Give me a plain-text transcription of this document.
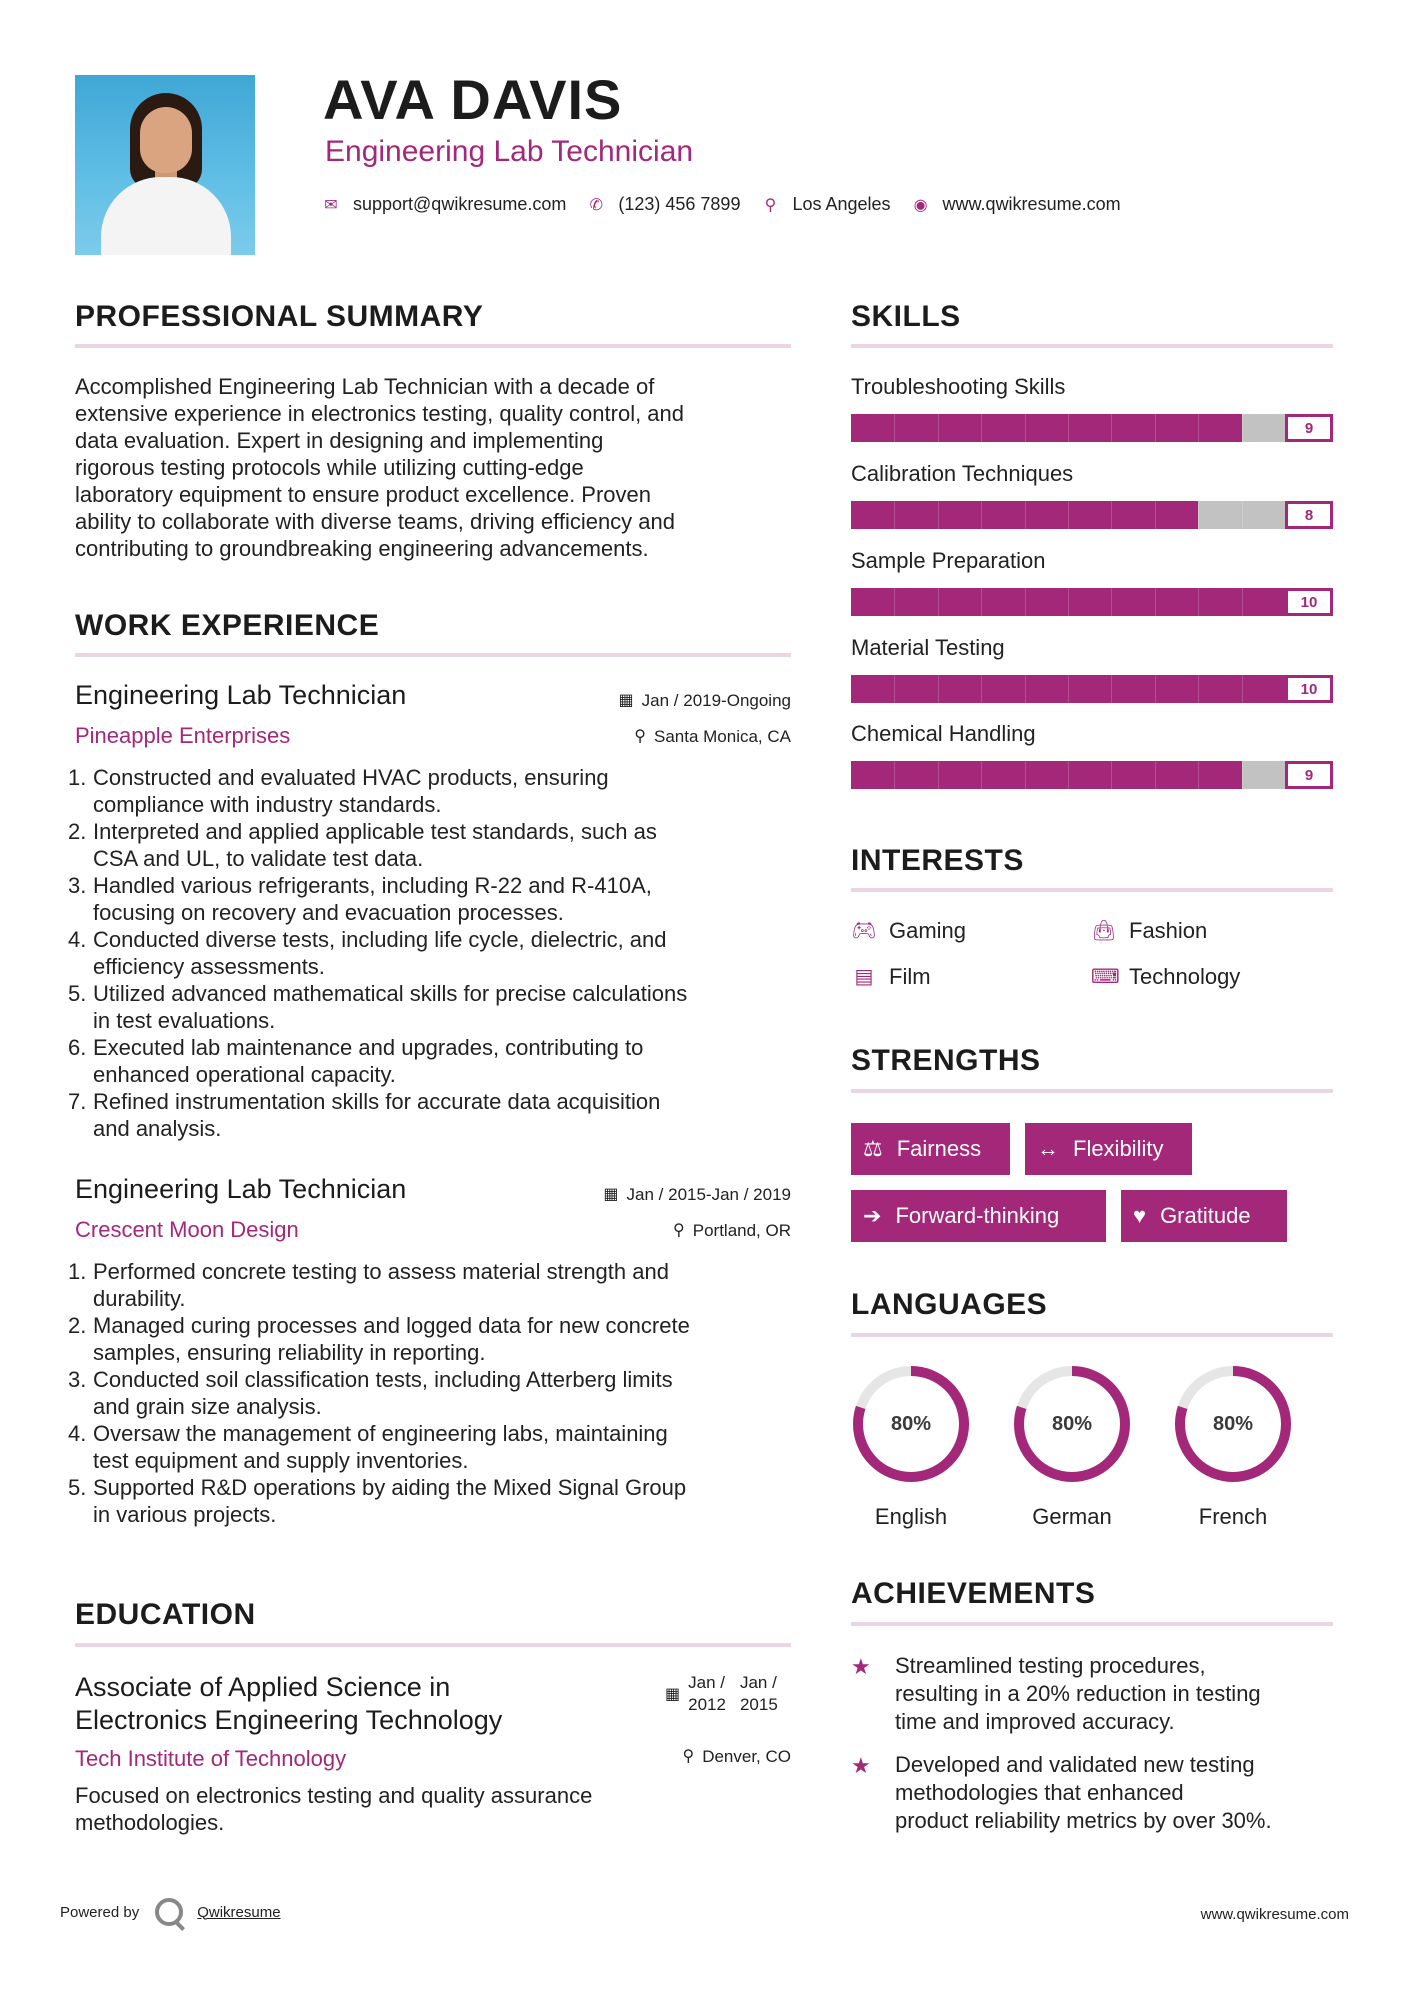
AVA DAVIS
Engineering Lab Technician
✉ support@qwikresume.com ✆ (123) 456 7899 ⚲ Los Angeles ◉ www.qwikresume.com
PROFESSIONAL SUMMARY
Accomplished Engineering Lab Technician with a decade of
extensive experience in electronics testing, quality control, and
data evaluation. Expert in designing and implementing
rigorous testing protocols while utilizing cutting-edge
laboratory equipment to ensure product excellence. Proven
ability to collaborate with diverse teams, driving efficiency and
contributing to groundbreaking engineering advancements.
WORK EXPERIENCE
Engineering Lab Technician	▦ Jan / 2019-Ongoing
Pineapple Enterprises	⚲ Santa Monica, CA
Constructed and evaluated HVAC products, ensuring
compliance with industry standards.
Interpreted and applied applicable test standards, such as
CSA and UL, to validate test data.
Handled various refrigerants, including R-22 and R-410A,
focusing on recovery and evacuation processes.
Conducted diverse tests, including life cycle, dielectric, and
efficiency assessments.
Utilized advanced mathematical skills for precise calculations
in test evaluations.
Executed lab maintenance and upgrades, contributing to
enhanced operational capacity.
Refined instrumentation skills for accurate data acquisition
and analysis.
Engineering Lab Technician	▦ Jan / 2015-Jan / 2019
Crescent Moon Design	⚲ Portland, OR
Performed concrete testing to assess material strength and
durability.
Managed curing processes and logged data for new concrete
samples, ensuring reliability in reporting.
Conducted soil classification tests, including Atterberg limits
and grain size analysis.
Oversaw the management of engineering labs, maintaining
test equipment and supply inventories.
Supported R&D operations by aiding the Mixed Signal Group
in various projects.
EDUCATION
Associate of Applied Science in
Electronics Engineering Technology
▦
Jan /
2012
Jan /
2015
Tech Institute of Technology	⚲ Denver, CO
Focused on electronics testing and quality assurance
methodologies.
SKILLS
Troubleshooting Skills
9
Calibration Techniques
8
Sample Preparation
10
Material Testing
10
Chemical Handling
9
INTERESTS
🎮︎ Gaming	👜︎ Fashion
▤ Film	⌨ Technology
STRENGTHS
⚖ Fairness	↔ Flexibility
➔ Forward-thinking	♥ Gratitude
LANGUAGES
80%
English
80%
German
80%
French
ACHIEVEMENTS
★	Streamlined testing procedures,
resulting in a 20% reduction in testing
time and improved accuracy.
★	Developed and validated new testing
methodologies that enhanced
product reliability metrics by over 30%.
Powered by	Qwikresume	www.qwikresume.com
